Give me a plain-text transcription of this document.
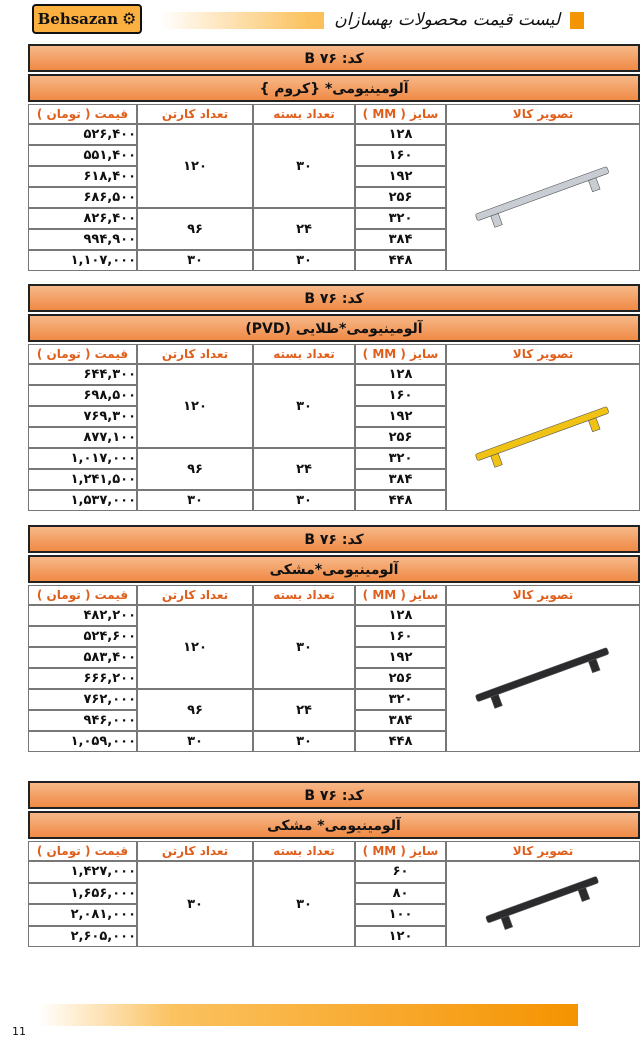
Behsazan ⚙	لیست قیمت محصولات بهسازان
کد: B ۷۶
آلومینیومی* {کروم }
تصویر کالا	سایز ( MM )	تعداد بسته	تعداد کارتن	قیمت ( تومان )
	۱۲۸	۳۰	۱۲۰	۵۲۶,۴۰۰
	۱۶۰			۵۵۱,۴۰۰
	۱۹۲			۶۱۸,۴۰۰
	۲۵۶			۶۸۶,۵۰۰
	۳۲۰	۲۴	۹۶	۸۲۶,۴۰۰
	۳۸۴			۹۹۴,۹۰۰
	۴۴۸	۳۰	۳۰	۱,۱۰۷,۰۰۰
کد: B ۷۶
آلومینیومی*طلایی (PVD)
تصویر کالا	سایز ( MM )	تعداد بسته	تعداد کارتن	قیمت ( تومان )
	۱۲۸	۳۰	۱۲۰	۶۴۴,۳۰۰
	۱۶۰			۶۹۸,۵۰۰
	۱۹۲			۷۶۹,۳۰۰
	۲۵۶			۸۷۷,۱۰۰
	۳۲۰	۲۴	۹۶	۱,۰۱۷,۰۰۰
	۳۸۴			۱,۲۴۱,۵۰۰
	۴۴۸	۳۰	۳۰	۱,۵۳۷,۰۰۰
کد: B ۷۶
آلومینیومی*مشکی
تصویر کالا	سایز ( MM )	تعداد بسته	تعداد کارتن	قیمت ( تومان )
	۱۲۸	۳۰	۱۲۰	۴۸۲,۲۰۰
	۱۶۰			۵۲۴,۶۰۰
	۱۹۲			۵۸۳,۴۰۰
	۲۵۶			۶۶۶,۲۰۰
	۳۲۰	۲۴	۹۶	۷۶۲,۰۰۰
	۳۸۴			۹۴۶,۰۰۰
	۴۴۸	۳۰	۳۰	۱,۰۵۹,۰۰۰
کد: B ۷۶
آلومینیومی* مشکی
تصویر کالا	سایز ( MM )	تعداد بسته	تعداد کارتن	قیمت ( تومان )
	۶۰	۳۰	۳۰	۱,۴۲۷,۰۰۰
	۸۰			۱,۶۵۶,۰۰۰
	۱۰۰			۲,۰۸۱,۰۰۰
	۱۲۰			۲,۶۰۵,۰۰۰
11
